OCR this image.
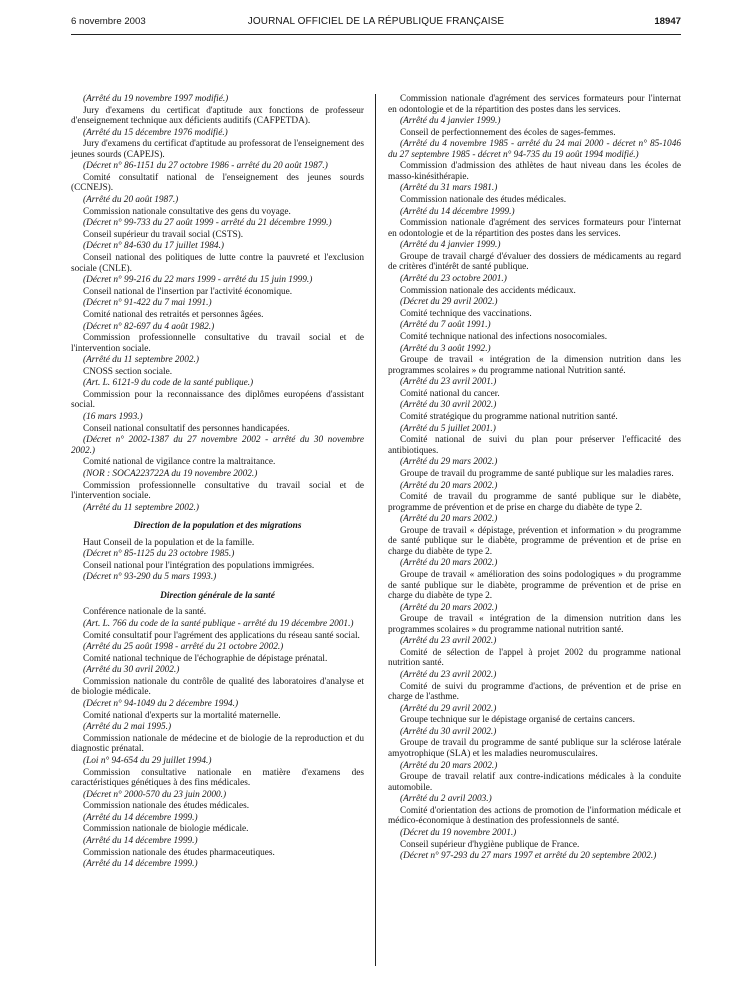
6 novembre 2003	JOURNAL OFFICIEL DE LA RÉPUBLIQUE FRANÇAISE	18947

(Arrêté du 19 novembre 1997 modifié.)

Jury d'examens du certificat d'aptitude aux fonctions de professeur d'enseignement technique aux déficients auditifs (CAFPETDA).

(Arrêté du 15 décembre 1976 modifié.)

Jury d'examens du certificat d'aptitude au professorat de l'enseignement des jeunes sourds (CAPEJS).

(Décret n° 86-1151 du 27 octobre 1986 - arrêté du 20 août 1987.)

Comité consultatif national de l'enseignement des jeunes sourds (CCNEJS).

(Arrêté du 20 août 1987.)

Commission nationale consultative des gens du voyage.

(Décret n° 99-733 du 27 août 1999 - arrêté du 21 décembre 1999.)

Conseil supérieur du travail social (CSTS).

(Décret n° 84-630 du 17 juillet 1984.)

Conseil national des politiques de lutte contre la pauvreté et l'exclusion sociale (CNLE).

(Décret n° 99-216 du 22 mars 1999 - arrêté du 15 juin 1999.)

Conseil national de l'insertion par l'activité économique.

(Décret n° 91-422 du 7 mai 1991.)

Comité national des retraités et personnes âgées.

(Décret n° 82-697 du 4 août 1982.)

Commission professionnelle consultative du travail social et de l'intervention sociale.

(Arrêté du 11 septembre 2002.)

CNOSS section sociale.

(Art. L. 6121-9 du code de la santé publique.)

Commission pour la reconnaissance des diplômes européens d'assistant social.

(16 mars 1993.)

Conseil national consultatif des personnes handicapées.

(Décret n° 2002-1387 du 27 novembre 2002 - arrêté du 30 novembre 2002.)

Comité national de vigilance contre la maltraitance.

(NOR : SOCA223722A du 19 novembre 2002.)

Commission professionnelle consultative du travail social et de l'intervention sociale.

(Arrêté du 11 septembre 2002.)

Direction de la population et des migrations

Haut Conseil de la population et de la famille.

(Décret n° 85-1125 du 23 octobre 1985.)

Conseil national pour l'intégration des populations immigrées.

(Décret n° 93-290 du 5 mars 1993.)

Direction générale de la santé

Conférence nationale de la santé.

(Art. L. 766 du code de la santé publique - arrêté du 19 décembre 2001.)

Comité consultatif pour l'agrément des applications du réseau santé social.

(Arrêté du 25 août 1998 - arrêté du 21 octobre 2002.)

Comité national technique de l'échographie de dépistage prénatal.

(Arrêté du 30 avril 2002.)

Commission nationale du contrôle de qualité des laboratoires d'analyse et de biologie médicale.

(Décret n° 94-1049 du 2 décembre 1994.)

Comité national d'experts sur la mortalité maternelle.

(Arrêté du 2 mai 1995.)

Commission nationale de médecine et de biologie de la reproduction et du diagnostic prénatal.

(Loi n° 94-654 du 29 juillet 1994.)

Commission consultative nationale en matière d'examens des caractéristiques génétiques à des fins médicales.

(Décret n° 2000-570 du 23 juin 2000.)

Commission nationale des études médicales.

(Arrêté du 14 décembre 1999.)

Commission nationale de biologie médicale.

(Arrêté du 14 décembre 1999.)

Commission nationale des études pharmaceutiques.

(Arrêté du 14 décembre 1999.)

Commission nationale d'agrément des services formateurs pour l'internat en odontologie et de la répartition des postes dans les services.

(Arrêté du 4 janvier 1999.)

Conseil de perfectionnement des écoles de sages-femmes.

(Arrêté du 4 novembre 1985 - arrêté du 24 mai 2000 - décret n° 85-1046 du 27 septembre 1985 - décret n° 94-735 du 19 août 1994 modifié.)

Commission d'admission des athlètes de haut niveau dans les écoles de masso-kinésithérapie.

(Arrêté du 31 mars 1981.)

Commission nationale des études médicales.

(Arrêté du 14 décembre 1999.)

Commission nationale d'agrément des services formateurs pour l'internat en odontologie et de la répartition des postes dans les services.

(Arrêté du 4 janvier 1999.)

Groupe de travail chargé d'évaluer des dossiers de médicaments au regard de critères d'intérêt de santé publique.

(Arrêté du 23 octobre 2001.)

Commission nationale des accidents médicaux.

(Décret du 29 avril 2002.)

Comité technique des vaccinations.

(Arrêté du 7 août 1991.)

Comité technique national des infections nosocomiales.

(Arrêté du 3 août 1992.)

Groupe de travail « intégration de la dimension nutrition dans les programmes scolaires » du programme national Nutrition santé.

(Arrêté du 23 avril 2001.)

Comité national du cancer.

(Arrêté du 30 avril 2002.)

Comité stratégique du programme national nutrition santé.

(Arrêté du 5 juillet 2001.)

Comité national de suivi du plan pour préserver l'efficacité des antibiotiques.

(Arrêté du 29 mars 2002.)

Groupe de travail du programme de santé publique sur les maladies rares.

(Arrêté du 20 mars 2002.)

Comité de travail du programme de santé publique sur le diabète, programme de prévention et de prise en charge du diabète de type 2.

(Arrêté du 20 mars 2002.)

Groupe de travail « dépistage, prévention et information » du programme de santé publique sur le diabète, programme de prévention et de prise en charge du diabète de type 2.

(Arrêté du 20 mars 2002.)

Groupe de travail « amélioration des soins podologiques » du programme de santé publique sur le diabète, programme de prévention et de prise en charge du diabète de type 2.

(Arrêté du 20 mars 2002.)

Groupe de travail « intégration de la dimension nutrition dans les programmes scolaires » du programme national nutrition santé.

(Arrêté du 23 avril 2002.)

Comité de sélection de l'appel à projet 2002 du programme national nutrition santé.

(Arrêté du 23 avril 2002.)

Comité de suivi du programme d'actions, de prévention et de prise en charge de l'asthme.

(Arrêté du 29 avril 2002.)

Groupe technique sur le dépistage organisé de certains cancers.

(Arrêté du 30 avril 2002.)

Groupe de travail du programme de santé publique sur la sclérose latérale amyotrophique (SLA) et les maladies neuromusculaires.

(Arrêté du 20 mars 2002.)

Groupe de travail relatif aux contre-indications médicales à la conduite automobile.

(Arrêté du 2 avril 2003.)

Comité d'orientation des actions de promotion de l'information médicale et médico-économique à destination des professionnels de santé.

(Décret du 19 novembre 2001.)

Conseil supérieur d'hygiène publique de France.

(Décret n° 97-293 du 27 mars 1997 et arrêté du 20 septembre 2002.)
